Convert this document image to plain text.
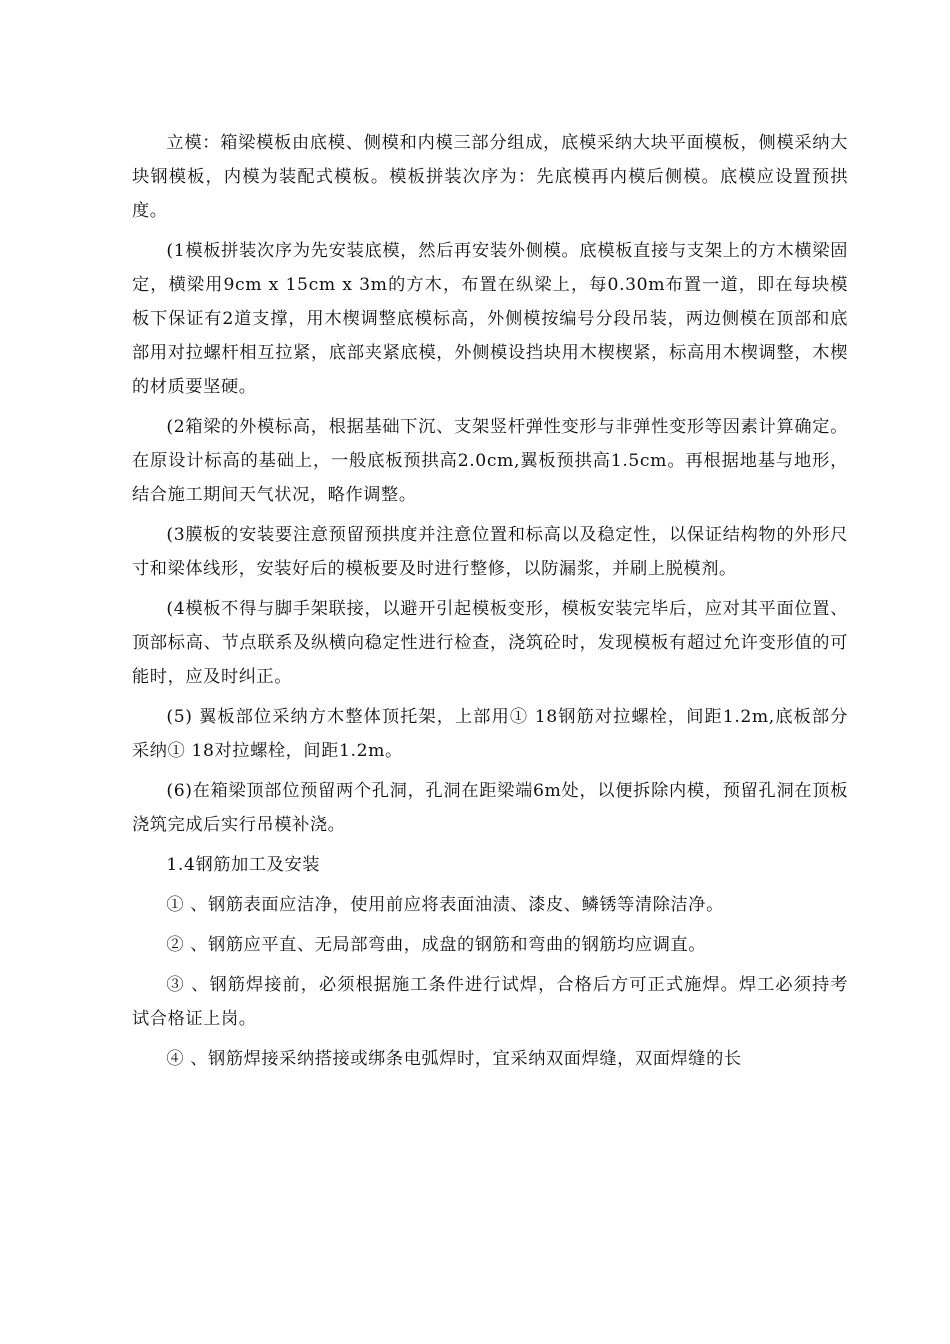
立模：箱梁模板由底模、侧模和内模三部分组成，底模采纳大块平面模板，侧模采纳大块钢模板，内模为装配式模板。模板拼装次序为：先底模再内模后侧模。底模应设置预拱度。

(1模板拼装次序为先安装底模，然后再安装外侧模。底模板直接与支架上的方木横梁固定，横梁用9cm x 15cm x 3m的方木，布置在纵梁上，每0.30m布置一道，即在每块模板下保证有2道支撑，用木楔调整底模标高，外侧模按编号分段吊装，两边侧模在顶部和底部用对拉螺杆相互拉紧，底部夹紧底模，外侧模设挡块用木楔楔紧，标高用木楔调整，木楔的材质要坚硬。

(2箱梁的外模标高，根据基础下沉、支架竖杆弹性变形与非弹性变形等因素计算确定。在原设计标高的基础上，一般底板预拱高2.0cm,翼板预拱高1.5cm。再根据地基与地形，结合施工期间天气状况，略作调整。

(3膜板的安装要注意预留预拱度并注意位置和标高以及稳定性，以保证结构物的外形尺寸和梁体线形，安装好后的模板要及时进行整修，以防漏浆，并刷上脱模剂。

(4模板不得与脚手架联接，以避开引起模板变形，模板安装完毕后，应对其平面位置、顶部标高、节点联系及纵横向稳定性进行检查，浇筑砼时，发现模板有超过允许变形值的可能时，应及时纠正。

(5) 翼板部位采纳方木整体顶托架，上部用① 18钢筋对拉螺栓，间距1.2m,底板部分采纳① 18对拉螺栓，间距1.2m。

(6)在箱梁顶部位预留两个孔洞，孔洞在距梁端6m处，以便拆除内模，预留孔洞在顶板浇筑完成后实行吊模补浇。

1.4钢筋加工及安装

① 、钢筋表面应洁净，使用前应将表面油渍、漆皮、鳞锈等清除洁净。

② 、钢筋应平直、无局部弯曲，成盘的钢筋和弯曲的钢筋均应调直。

③ 、钢筋焊接前，必须根据施工条件进行试焊，合格后方可正式施焊。焊工必须持考试合格证上岗。

④ 、钢筋焊接采纳搭接或绑条电弧焊时，宜采纳双面焊缝，双面焊缝的长
